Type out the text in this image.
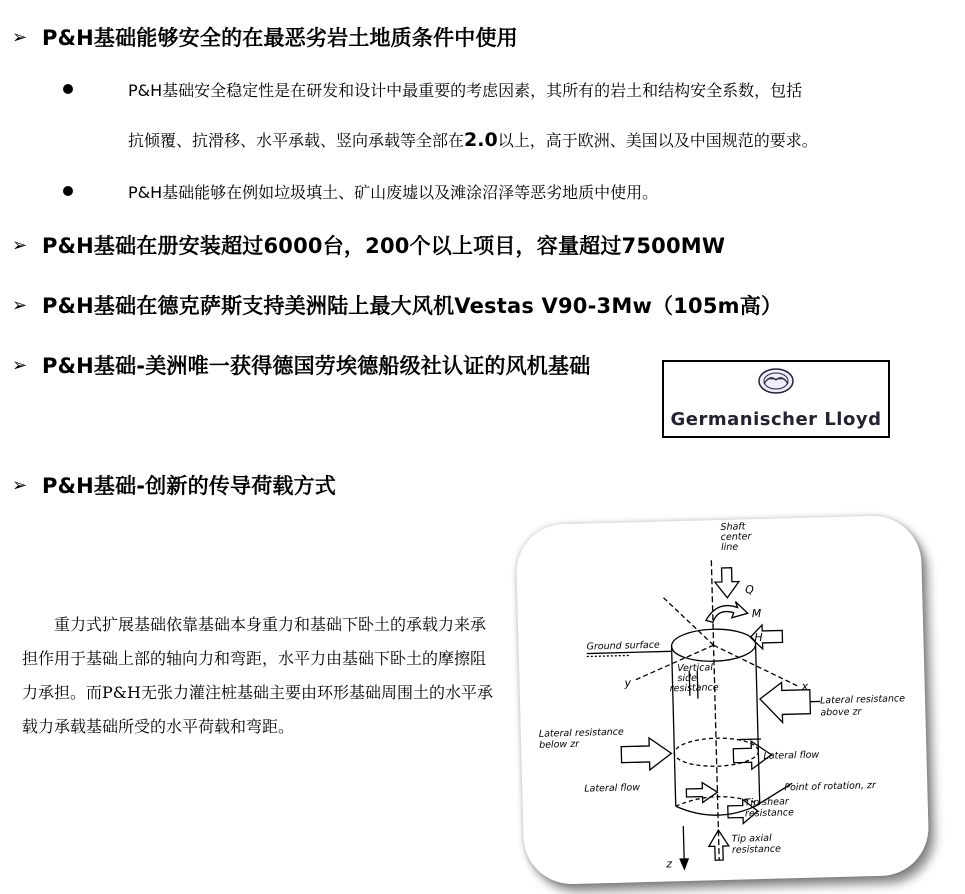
➢ P&H基础能够安全的在最恶劣岩土地质条件中使用
P&H基础安全稳定性是在研发和设计中最重要的考虑因素，其所有的岩土和结构安全系数，包括
抗倾覆、抗滑移、水平承载、竖向承载等全部在2.0以上，高于欧洲、美国以及中国规范的要求。
P&H基础能够在例如垃圾填土、矿山废墟以及滩涂沼泽等恶劣地质中使用。
➢ P&H基础在册安装超过6000台，200个以上项目，容量超过7500MW
➢ P&H基础在德克萨斯支持美洲陆上最大风机Vestas V90-3Mw（105m高）
➢ P&H基础-美洲唯一获得德国劳埃德船级社认证的风机基础
Germanischer Lloyd
➢ P&H基础-创新的传导荷载方式

重力式扩展基础依靠基础本身重力和基础下卧土的承载力来承担作用于基础上部的轴向力和弯距，水平力由基础下卧土的摩擦阻力承担。而P&H无张力灌注桩基础主要由环形基础周围土的水平承载力承载基础所受的水平荷载和弯距。

Shaft
center
line
Q
M
H
Ground surface
y	x
z
Vertical
side
resistance
Lateral resistance
above zr
Lateral resistance
below zr
Lateral flow
Lateral flow	Point of rotation, zr
Tip shear
resistance
Tip axial
resistance
